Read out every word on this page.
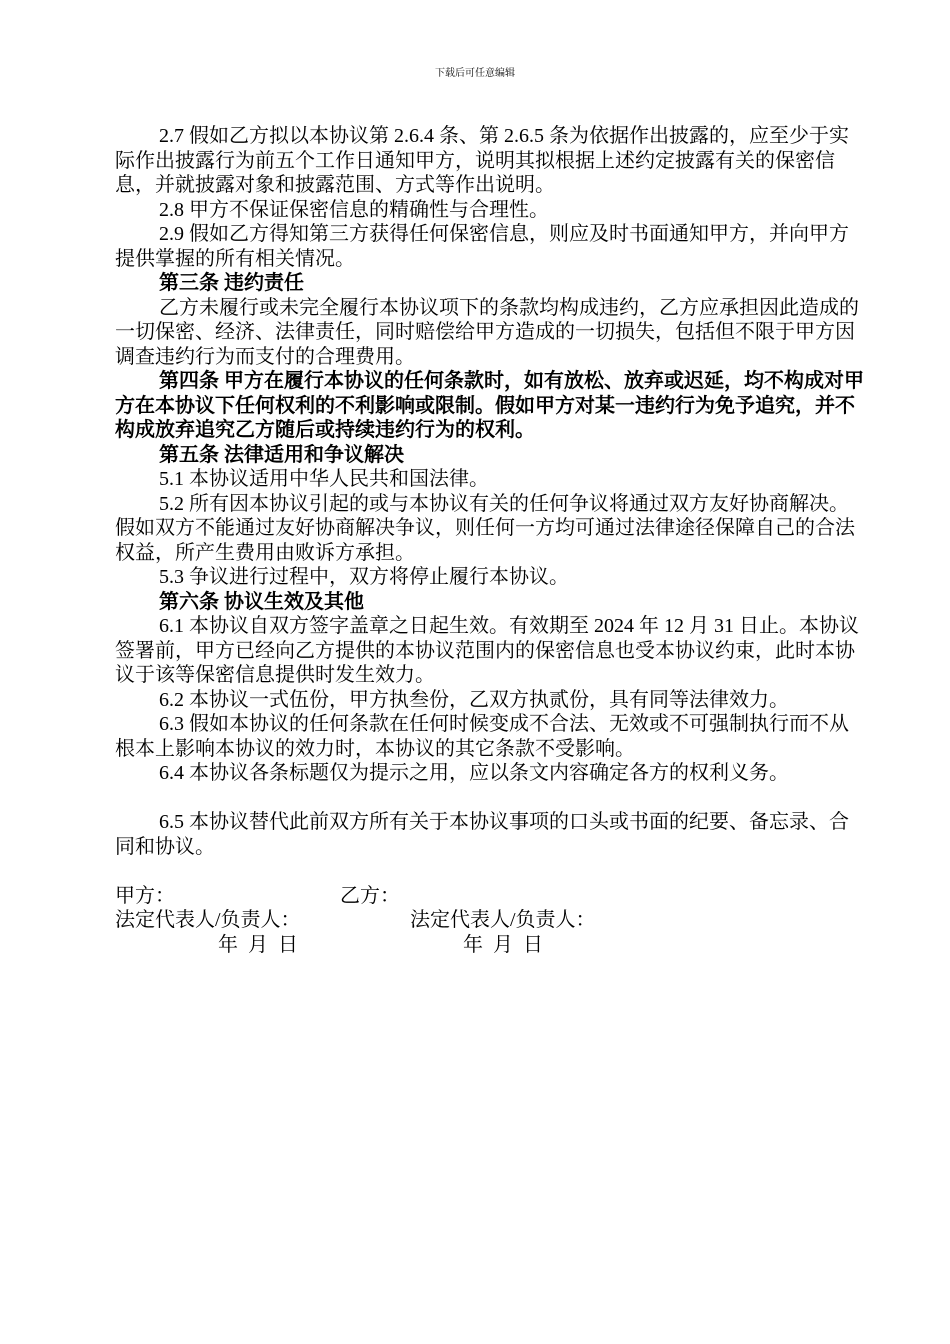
下载后可任意编辑

2.7 假如乙方拟以本协议第 2.6.4 条、第 2.6.5 条为依据作出披露的，应至少于实际作出披露行为前五个工作日通知甲方，说明其拟根据上述约定披露有关的保密信息，并就披露对象和披露范围、方式等作出说明。

2.8 甲方不保证保密信息的精确性与合理性。

2.9 假如乙方得知第三方获得任何保密信息，则应及时书面通知甲方，并向甲方提供掌握的所有相关情况。

第三条 违约责任

乙方未履行或未完全履行本协议项下的条款均构成违约，乙方应承担因此造成的一切保密、经济、法律责任，同时赔偿给甲方造成的一切损失，包括但不限于甲方因调查违约行为而支付的合理费用。

第四条 甲方在履行本协议的任何条款时，如有放松、放弃或迟延，均不构成对甲方在本协议下任何权利的不利影响或限制。假如甲方对某一违约行为免予追究，并不构成放弃追究乙方随后或持续违约行为的权利。

第五条 法律适用和争议解决

5.1 本协议适用中华人民共和国法律。

5.2 所有因本协议引起的或与本协议有关的任何争议将通过双方友好协商解决。假如双方不能通过友好协商解决争议，则任何一方均可通过法律途径保障自己的合法权益，所产生费用由败诉方承担。

5.3 争议进行过程中，双方将停止履行本协议。

第六条 协议生效及其他

6.1 本协议自双方签字盖章之日起生效。有效期至 2024 年 12 月 31 日止。本协议签署前，甲方已经向乙方提供的本协议范围内的保密信息也受本协议约束，此时本协议于该等保密信息提供时发生效力。

6.2 本协议一式伍份，甲方执叁份，乙双方执贰份，具有同等法律效力。

6.3 假如本协议的任何条款在任何时候变成不合法、无效或不可强制执行而不从根本上影响本协议的效力时，本协议的其它条款不受影响。

6.4 本协议各条标题仅为提示之用，应以条文内容确定各方的权利义务。

6.5 本协议替代此前双方所有关于本协议事项的口头或书面的纪要、备忘录、合同和协议。

甲方：	乙方：
法定代表人/负责人：	法定代表人/负责人：
年  月  日	年  月  日
